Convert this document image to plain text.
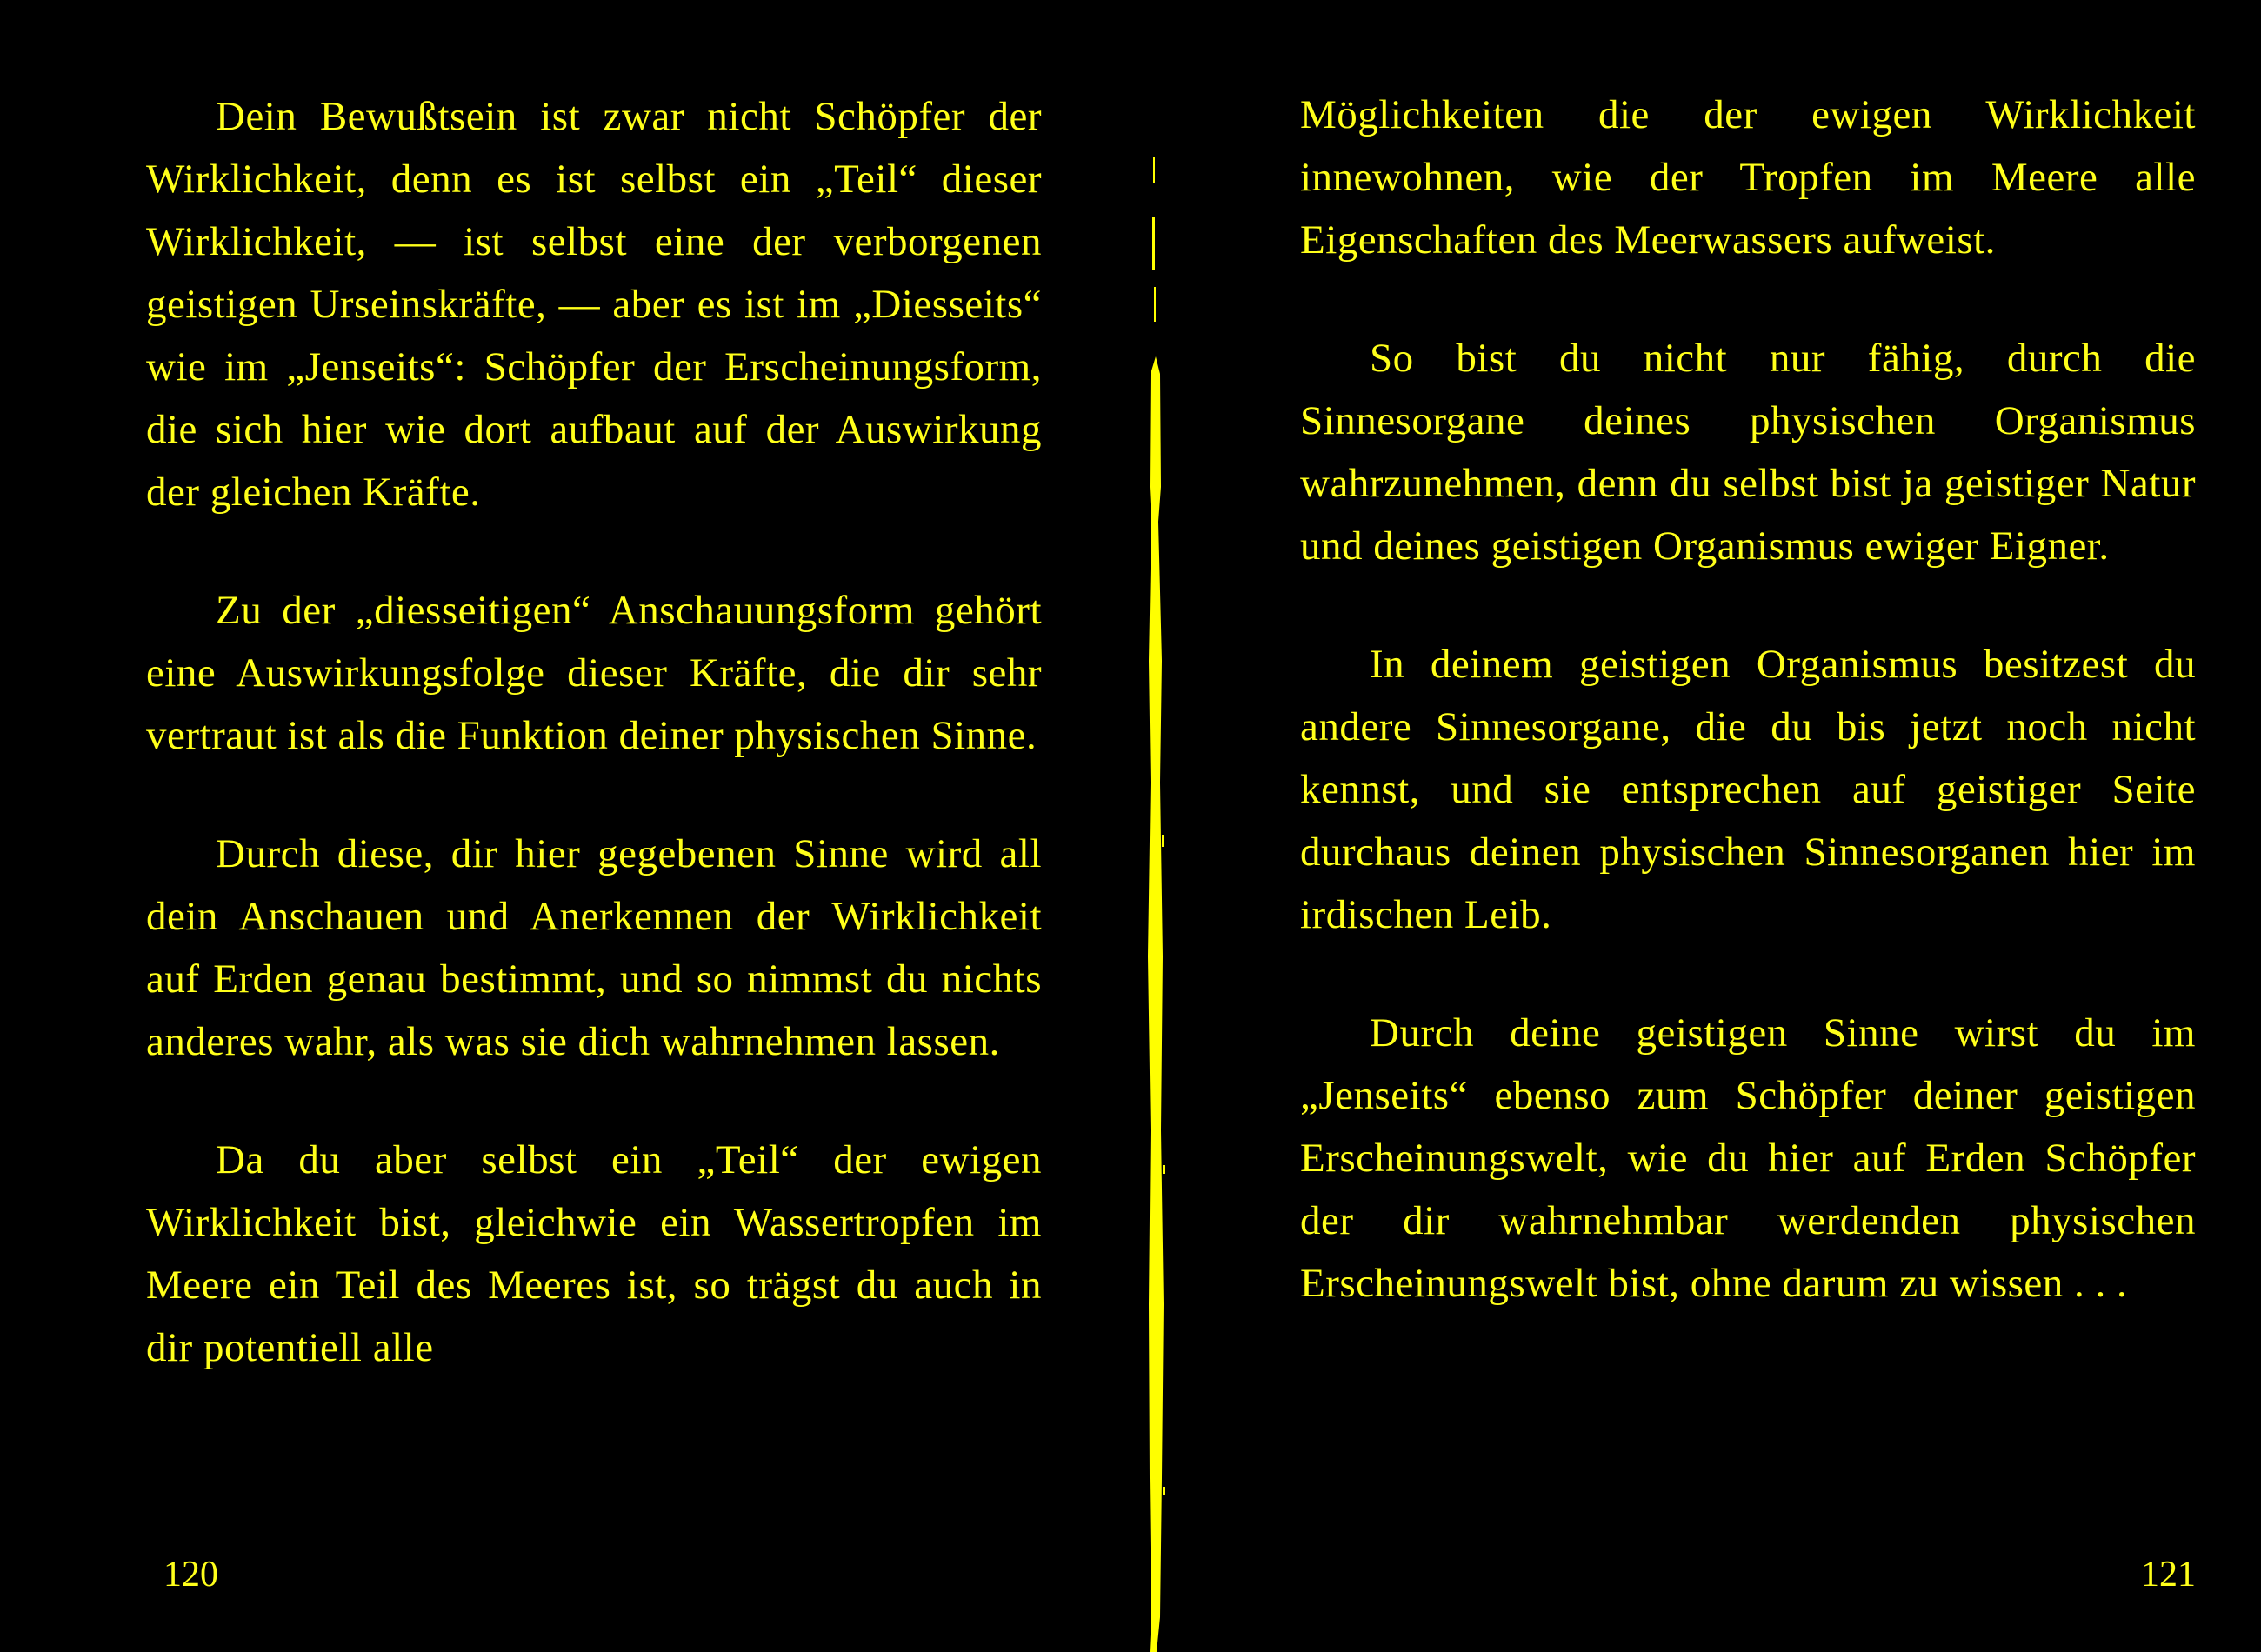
Dein Bewußtsein ist zwar nicht Schöpfer der Wirklichkeit, denn es ist selbst ein „Teil“ dieser Wirklichkeit, — ist selbst eine der verborgenen geistigen Urseinskräfte, — aber es ist im „Diesseits“ wie im „Jenseits“: Schöpfer der Erscheinungsform, die sich hier wie dort aufbaut auf der Auswirkung der gleichen Kräfte.

Zu der „diesseitigen“ Anschauungsform gehört eine Auswirkungsfolge dieser Kräfte, die dir sehr vertraut ist als die Funktion deiner physischen Sinne.

Durch diese, dir hier gegebenen Sinne wird all dein Anschauen und Anerkennen der Wirklichkeit auf Erden genau bestimmt, und so nimmst du nichts anderes wahr, als was sie dich wahrnehmen lassen.

Da du aber selbst ein „Teil“ der ewigen Wirklichkeit bist, gleichwie ein Wassertropfen im Meere ein Teil des Meeres ist, so trägst du auch in dir potentiell alle

120

Möglichkeiten die der ewigen Wirklichkeit innewohnen, wie der Tropfen im Meere alle Eigenschaften des Meerwassers aufweist.

So bist du nicht nur fähig, durch die Sinnesorgane deines physischen Organismus wahrzunehmen, denn du selbst bist ja geistiger Natur und deines geistigen Organismus ewiger Eigner.

In deinem geistigen Organismus besitzest du andere Sinnesorgane, die du bis jetzt noch nicht kennst, und sie entsprechen auf geistiger Seite durchaus deinen physischen Sinnesorganen hier im irdischen Leib.

Durch deine geistigen Sinne wirst du im „Jenseits“ ebenso zum Schöpfer deiner geistigen Erscheinungswelt, wie du hier auf Erden Schöpfer der dir wahrnehmbar werdenden physischen Erscheinungswelt bist, ohne darum zu wissen . . .

121
